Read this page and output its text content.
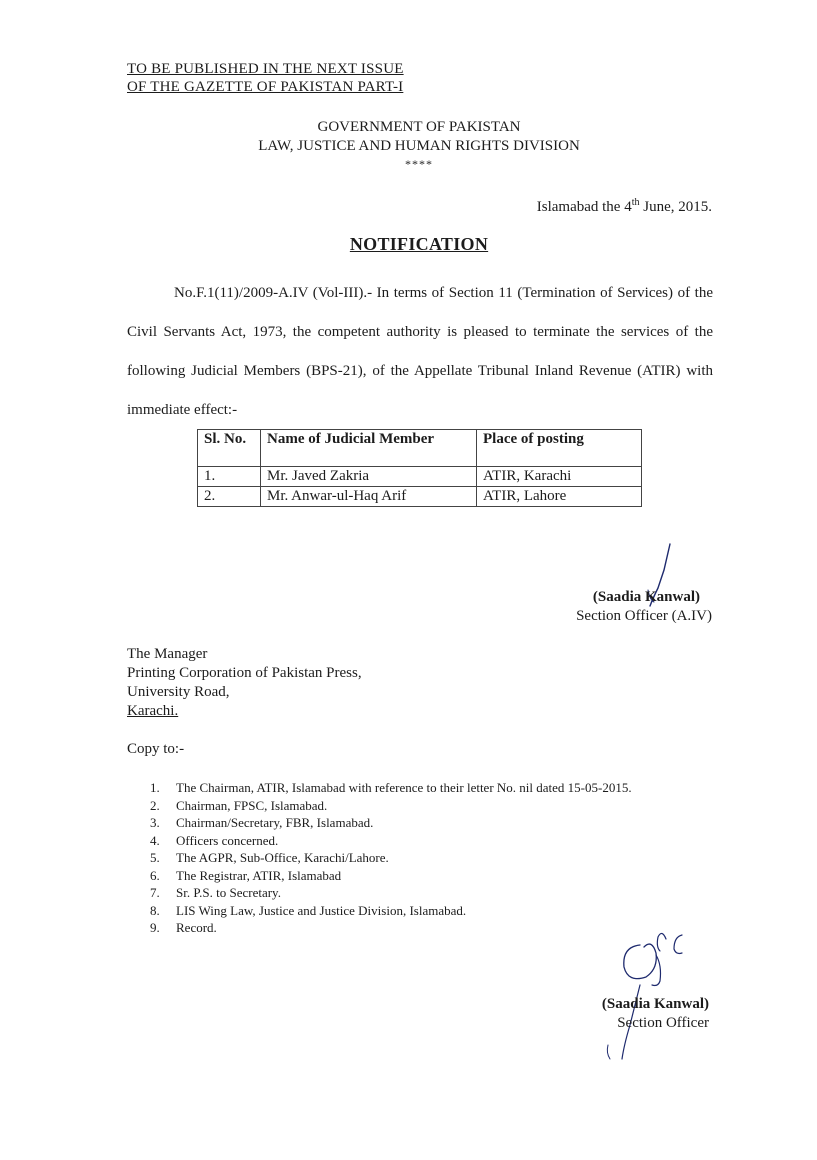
TO BE PUBLISHED IN THE NEXT ISSUE
OF THE GAZETTE OF PAKISTAN PART-I
GOVERNMENT OF PAKISTAN
LAW, JUSTICE AND HUMAN RIGHTS DIVISION
****
Islamabad the 4th June, 2015.
NOTIFICATION
No.F.1(11)/2009-A.IV (Vol-III).- In terms of Section 11 (Termination of Services) of the Civil Servants Act, 1973, the competent authority is pleased to terminate the services of the following Judicial Members (BPS-21), of the Appellate Tribunal Inland Revenue (ATIR) with immediate effect:-
Sl. No.	Name of Judicial Member	Place of posting
1.	Mr. Javed Zakria	ATIR, Karachi
2.	Mr. Anwar-ul-Haq Arif	ATIR, Lahore
(Saadia Kanwal)
Section Officer (A.IV)
The Manager
Printing Corporation of Pakistan Press,
University Road,
Karachi.
Copy to:-
1.	The Chairman, ATIR, Islamabad with reference to their letter No. nil dated 15-05-2015.
2.	Chairman, FPSC, Islamabad.
3.	Chairman/Secretary, FBR, Islamabad.
4.	Officers concerned.
5.	The AGPR, Sub-Office, Karachi/Lahore.
6.	The Registrar, ATIR, Islamabad
7.	Sr. P.S. to Secretary.
8.	LIS Wing Law, Justice and Justice Division, Islamabad.
9.	Record.
(Saadia Kanwal)
Section Officer
